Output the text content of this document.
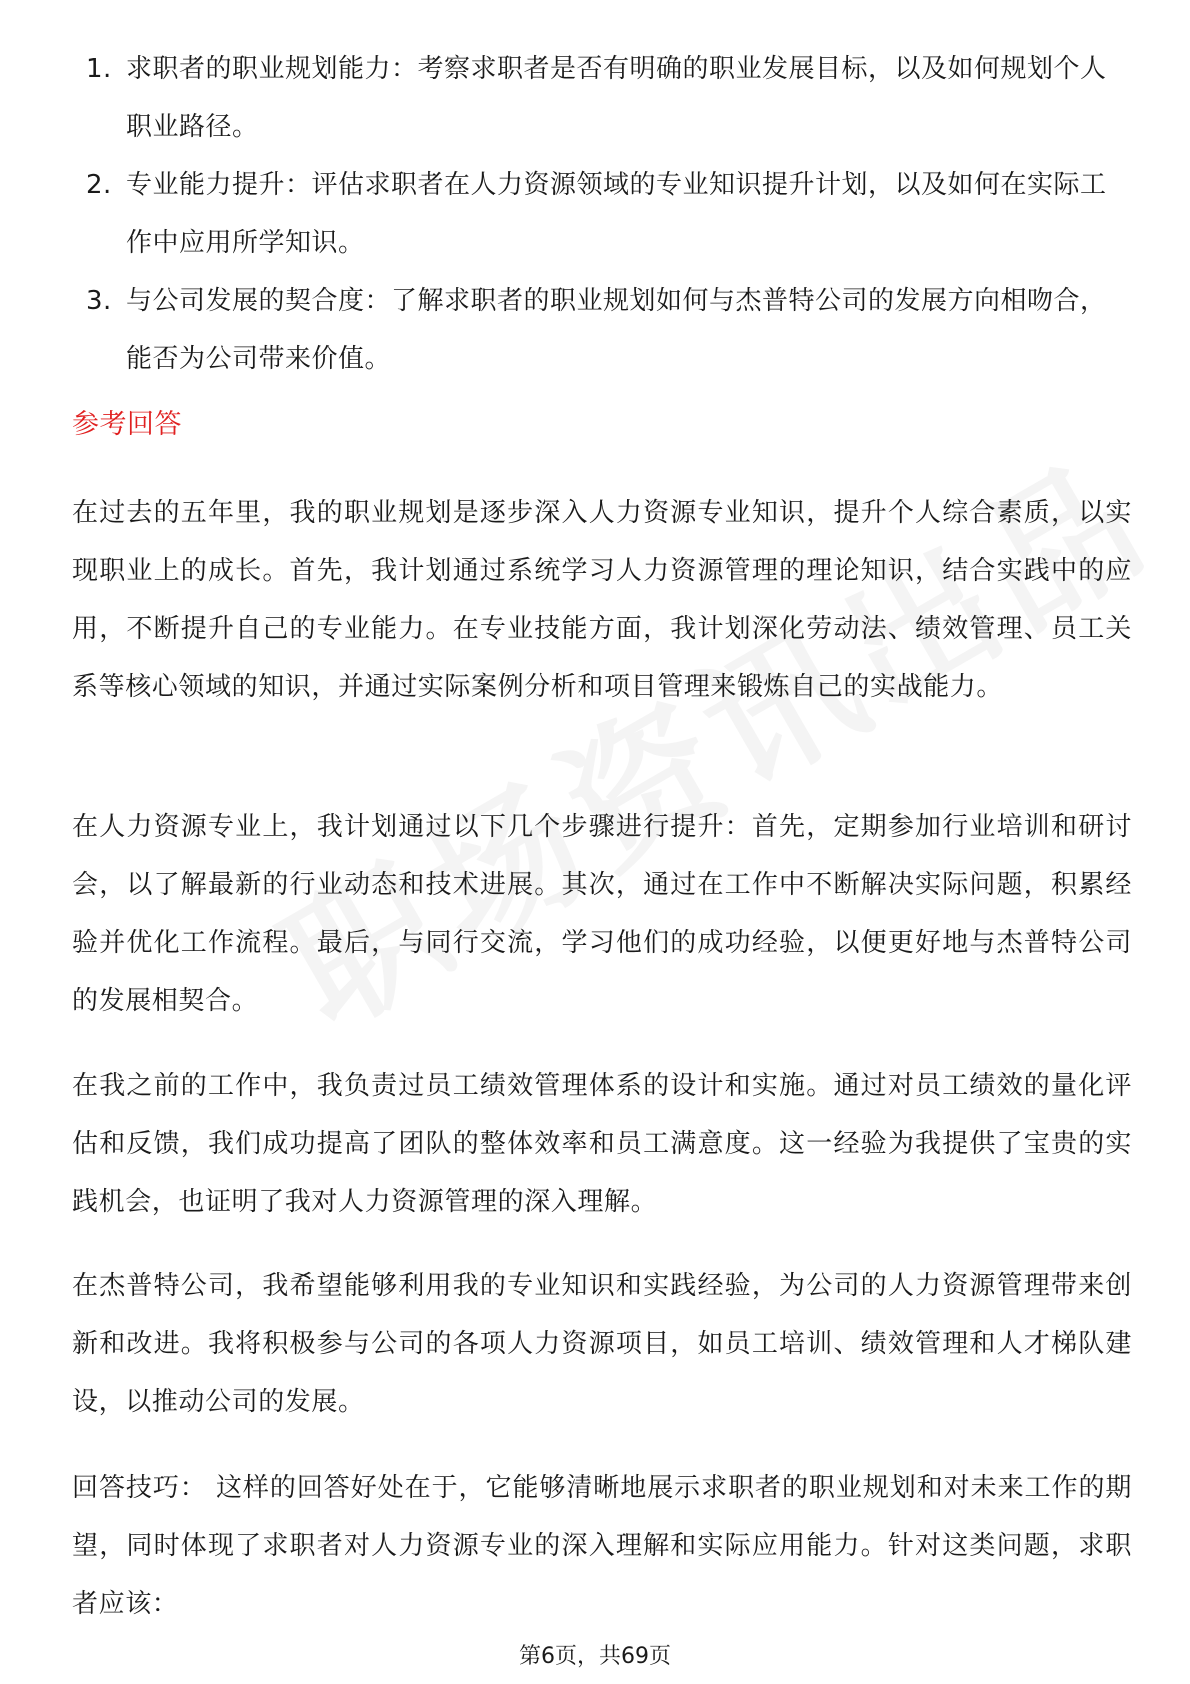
1. 求职者的职业规划能力：考察求职者是否有明确的职业发展目标，以及如何规划个人职业路径。
2. 专业能力提升：评估求职者在人力资源领域的专业知识提升计划，以及如何在实际工作中应用所学知识。
3. 与公司发展的契合度：了解求职者的职业规划如何与杰普特公司的发展方向相吻合，能否为公司带来价值。
参考回答

在过去的五年里，我的职业规划是逐步深入人力资源专业知识，提升个人综合素质，以实现职业上的成长。首先，我计划通过系统学习人力资源管理的理论知识，结合实践中的应用，不断提升自己的专业能力。在专业技能方面，我计划深化劳动法、绩效管理、员工关系等核心领域的知识，并通过实际案例分析和项目管理来锻炼自己的实战能力。

在人力资源专业上，我计划通过以下几个步骤进行提升：首先，定期参加行业培训和研讨会，以了解最新的行业动态和技术进展。其次，通过在工作中不断解决实际问题，积累经验并优化工作流程。最后，与同行交流，学习他们的成功经验，以便更好地与杰普特公司的发展相契合。

在我之前的工作中，我负责过员工绩效管理体系的设计和实施。通过对员工绩效的量化评估和反馈，我们成功提高了团队的整体效率和员工满意度。这一经验为我提供了宝贵的实践机会，也证明了我对人力资源管理的深入理解。

在杰普特公司，我希望能够利用我的专业知识和实践经验，为公司的人力资源管理带来创新和改进。我将积极参与公司的各项人力资源项目，如员工培训、绩效管理和人才梯队建设，以推动公司的发展。

回答技巧： 这样的回答好处在于，它能够清晰地展示求职者的职业规划和对未来工作的期望，同时体现了求职者对人力资源专业的深入理解和实际应用能力。针对这类问题，求职者应该：

第6页，共69页
